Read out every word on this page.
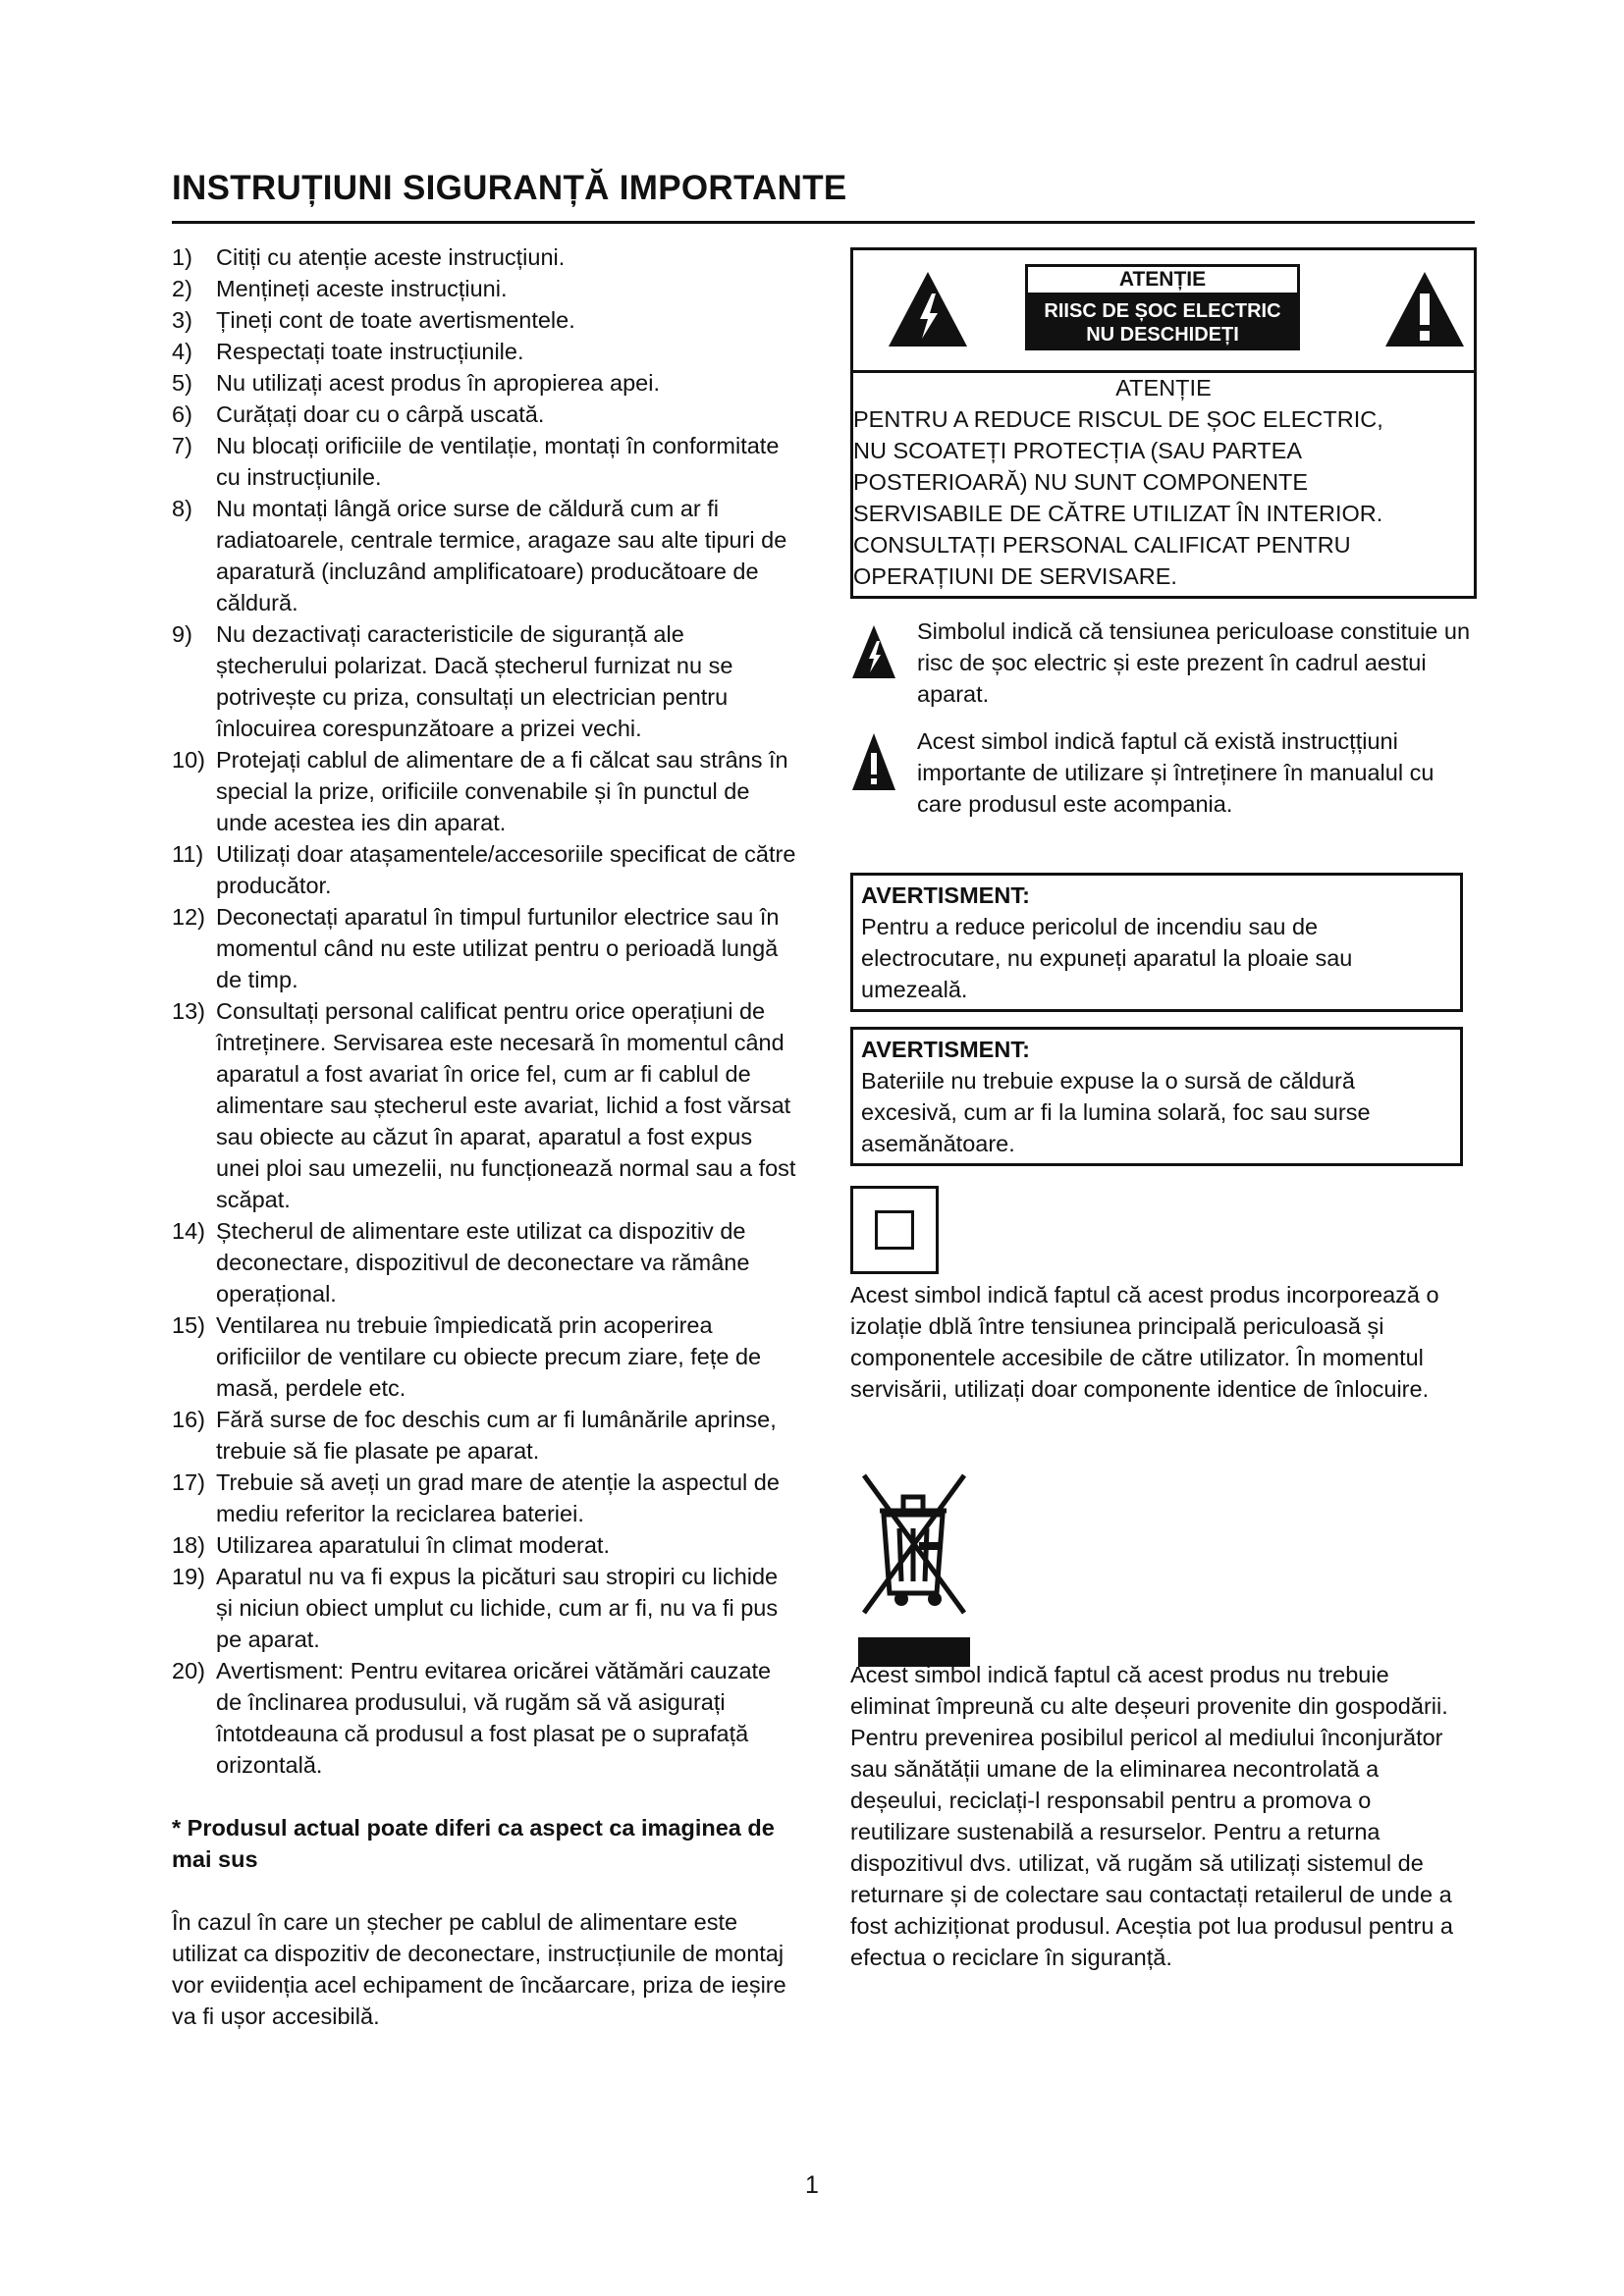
INSTRUȚIUNI SIGURANȚĂ IMPORTANTE
1)	Citiți cu atenție aceste instrucțiuni.
2)	Mențineți aceste instrucțiuni.
3)	Țineți cont de toate avertismentele.
4)	Respectați toate instrucțiunile.
5)	Nu utilizați acest produs în apropierea apei.
6)	Curățați doar cu o cârpă uscată.
7)	Nu blocați orificiile de ventilație, montați în conformitate cu instrucțiunile.
8)	Nu montați lângă orice surse de căldură cum ar fi radiatoarele, centrale termice, aragaze sau alte tipuri de aparatură (incluzând amplificatoare) producătoare de căldură.
9)	Nu dezactivați caracteristicile de siguranță ale ștecherului polarizat. Dacă ștecherul furnizat nu se potrivește cu priza, consultați un electrician pentru înlocuirea corespunzătoare a prizei vechi.
10) Protejați cablul de alimentare de a fi călcat sau strâns în special la prize, orificiile convenabile și în punctul de unde acestea ies din aparat.
11) Utilizați doar atașamentele/accesoriile specificat de către producător.
12) Deconectați aparatul în timpul furtunilor electrice sau în momentul când nu este utilizat pentru o perioadă lungă de timp.
13) Consultați personal calificat pentru orice operațiuni de întreținere. Servisarea este necesară în momentul când aparatul a fost avariat în orice fel, cum ar fi cablul de alimentare sau ștecherul este avariat, lichid a fost vărsat sau obiecte au căzut în aparat, aparatul a fost expus unei ploi sau umezelii, nu funcționează normal sau a fost scăpat.
14) Ștecherul de alimentare este utilizat ca dispozitiv de deconectare, dispozitivul de deconectare va rămâne operațional.
15) Ventilarea nu trebuie împiedicată prin acoperirea orificiilor de ventilare cu obiecte precum ziare, fețe de masă, perdele etc.
16) Fără surse de foc deschis cum ar fi lumânările aprinse, trebuie să fie plasate pe aparat.
17) Trebuie să aveți un grad mare de atenție la aspectul de mediu referitor la reciclarea bateriei.
18) Utilizarea aparatului în climat moderat.
19) Aparatul nu va fi expus la picături sau stropiri cu lichide și niciun obiect umplut cu lichide, cum ar fi, nu va fi pus pe aparat.
20) Avertisment: Pentru evitarea oricărei vătămări cauzate de înclinarea produsului, vă rugăm să vă asigurați întotdeauna că produsul a fost plasat pe o suprafață orizontală.
* Produsul actual poate diferi ca aspect ca imaginea de mai sus
În cazul în care un ștecher pe cablul de alimentare este utilizat ca dispozitiv de deconectare, instrucțiunile de montaj vor eviidenția acel echipament de încăarcare, priza de ieșire va fi ușor accesibilă.
ATENȚIE
RIISC DE ȘOC ELECTRIC
NU DESCHIDEȚI
ATENȚIE
PENTRU A REDUCE RISCUL DE ȘOC ELECTRIC,
NU SCOATEȚI PROTECȚIA (SAU PARTEA
POSTERIOARĂ) NU SUNT COMPONENTE
SERVISABILE DE CĂTRE UTILIZAT ÎN INTERIOR.
CONSULTAȚI PERSONAL CALIFICAT PENTRU
OPERAȚIUNI DE SERVISARE.
Simbolul indică că tensiunea periculoase constituie un risc de șoc electric și este prezent în cadrul aestui aparat.
Acest simbol indică faptul că există instrucțțiuni importante de utilizare și întreținere în manualul cu care produsul este acompania.
AVERTISMENT:
Pentru a reduce pericolul de incendiu sau de electrocutare, nu expuneți aparatul la ploaie sau umezeală.
AVERTISMENT:
Bateriile nu trebuie expuse la o sursă de căldură excesivă, cum ar fi la lumina solară, foc sau surse asemănătoare.
Acest simbol indică faptul că acest produs incorporează o izolație dblă între tensiunea principală periculoasă și componentele accesibile de către utilizator. În momentul servisării, utilizați doar componente identice de înlocuire.
Acest simbol indică faptul că acest produs nu trebuie eliminat împreună cu alte deșeuri provenite din gospodării. Pentru prevenirea posibilul pericol al mediului înconjurător sau sănătății umane de la eliminarea necontrolată a deșeului, reciclați-l responsabil pentru a promova o reutilizare sustenabilă a resurselor. Pentru a returna dispozitivul dvs. utilizat, vă rugăm să utilizați sistemul de returnare și de colectare sau contactați retailerul de unde a fost achiziționat produsul. Aceștia pot lua produsul pentru a efectua o reciclare în siguranță.
1
